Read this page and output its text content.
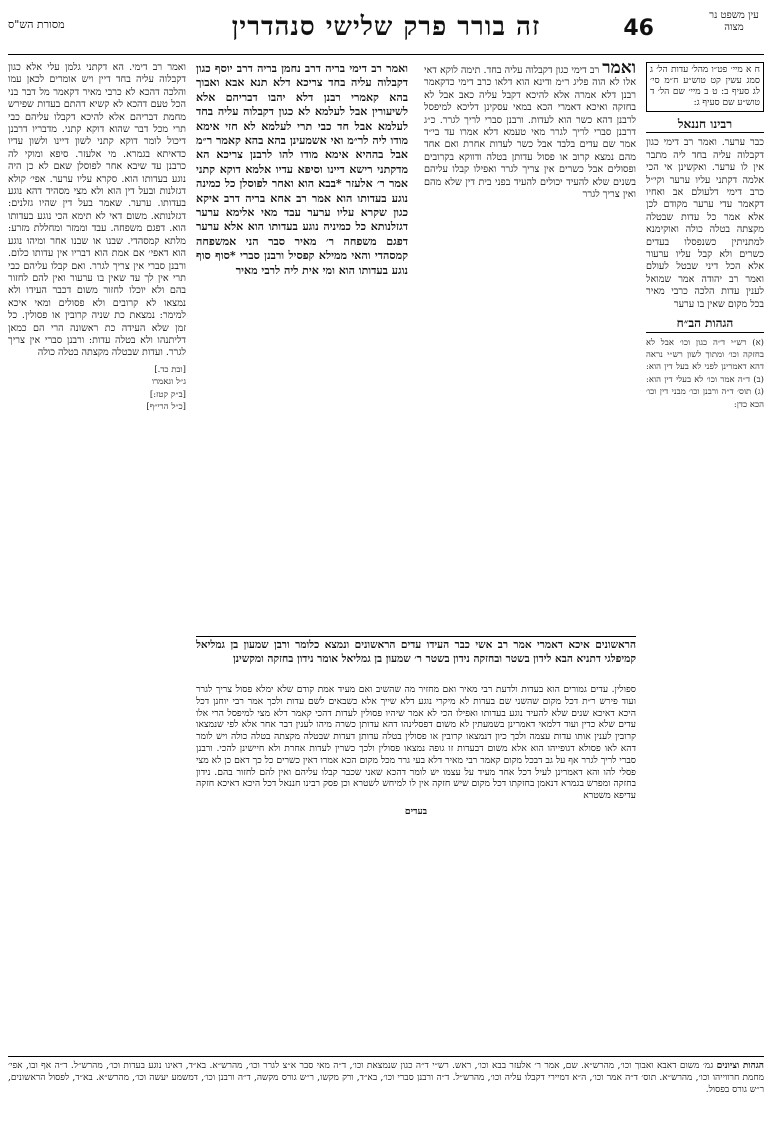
עין משפט נר מצוה
46
זה בורר פרק שלישי סנהדרין
מסורת הש"ס
ח א מיי׳ פט״ו מהל׳ עדות הל׳ ג סמג עשין קט טוש״ע ח״מ סי׳ לג סעיף ב: ט ב מיי׳ שם הל׳ ד טוש״ע שם סעיף ג:
רבינו חננאל

כבר ערער. ואמר רב דימי כגון דקבלוה עליה בחד ליה מתבר אין לו ערער. ואקשינן אי הכי אלמה דקתני עליו ערער וקי״ל כרב דימי דלעולם אב ואחיו דקאמר עדי ערער מקודם לכן אלא אמר כל עדות שבטלה מקצתה בטלה כולה ואוקימנא למתניתין כשנפסלו בעדים כשרים ולא קבל עליו ערעור אלא הכל דיני שבטל לעולם ואמר רב יהודה אמר שמואל לענין עדות הלכה כרבי מאיר בכל מקום שאין בו ערער

הגהות הב״ח

(א) רש״י ד״ה כגון וכו׳ אבל לא בחזקה וכו׳ ומתוך לשון רש״י נראה דהא דאמרינן לפני לא בעל דין הוא: (ב) ד״ה אמר וכו׳ לא בעלי דין הוא: (ג) תוס׳ ד״ה ורבנן וכו׳ מבני דין וכו׳ הכא כדן:

ואמר רב דימי כגון דקבלוה עליה בחד. תימה לוקא דאי אלו לא הוה פליג ר״מ ודינא הוא דלאו כרב דימי כדקאמר רבנן דלא אמרה אלא להיכא דקבל עליה כאב אבל לא בחזקה ואיכא דאמרי הכא במאי עסקינן דליכא למיפסל לרבנן דהא כשר הוא לעדות. ורבנן סברי לריך לגרר. כ״ג דרבנן סברי לריך לגרר מאי טעמא דלא אמרו עד בי״ד אמר שם עדים בלבד אבל כשר לעדות אחרת ואם אחד מהם נמצא קרוב או פסול עדותן בטלה ודווקא בקרובים ופסולים אבל כשרים אין צריך לגרר ואפילו קבלו עליהם בשנים שלא להעיד יכולים להעיד בפני בית דין שלא מהם ואין צריך לגרר
ואמר רב דימי בריה דרב נחמן בריה דרב יוסף כגון דקבלוה עליה בחד צריכא דלא תנא אבא ואבוך בהא קאמרי רבנן דלא יהבו דבריהם אלא לשיעורין אבל לעלמא לא כגון דקבלוה עליה בחד לעלמא אבל חד כבי תרי לעלמא לא חזי אימא מודו ליה לר״מ ואי אשמעינן בהא בהא קאמר ר״מ אבל בההיא אימא מודו להו לרבנן צריכא הא מדקתני רישא דיינו וסיפא עדיו אלמא דוקא קתני אמר ר׳ אלעזר *בבא הוא ואחר לפוסלן כל כמינה נוגע בעדותו הוא אמר רב אחא בריה דרב איקא כגון שקרא עליו ערער עבד מאי אלימא ערער דגזלנותא כל כמיניה נוגע בעדותו הוא אלא ערער דפגם משפחה ר׳ מאיר סבר הני אמשפחה קמסהדי והאי ממילא קפסיל ורבנן סברי *סוף סוף נוגע בעדותו הוא ומי אית ליה לרבי מאיר
הראשונים איכא דאמרי אמר רב אשי כבר העידו עדים הראשונים ונמצא כלומר ורבן שמעון בן גמליאל קמיפלגי דתניא הבא לידון בשטר ובחזקה נידון בשטר ר׳ שמעון בן גמליאל אומר נידון בחזקה ומקשינן

ואמר רב דימי. הא דקתני גלמן עלי אלא כגון דקבלוה עליה בחד דיין ויש אומרים לכאן עמו והלכה דהכא לא כרבי מאיר דקאמר מל דבר בני הכל טעם דהכא לא קשיא דהתם בעדות שפירש מחמת דבריהם אלא להיכא דקבלו עליהם כבי תרי מכל דבר שהוא דוקא קתני. מדבריו דרבנן דיכול לומר דוקא קתני לשון דיינו ולשון עדיו כדאיתא בגמרא. מי אלעזר. סיפא ומוקי לה כרבנן עד שיבא אחר לפוסלן שאם לא כן היה נוגע בעדותו הוא. סקרא עליו ערער. אפי׳ קולא דגזלנות ובעל דין הוא ולא מצי מסהיד דהא נוגע בעדותו. ערער. שאמר בעל דין שהיו גזלנים: דגזלנותא. משום דאי לא תימא הכי נוגע בעדותו הוא. דפגם משפחה. עבד וממזר ומחללת מזרע: מלתא קמסהדי. שבנו או שבנו אחר ומיהו נוגע הוא דאפי׳ אם אמת הוא דבריו אין עדותו כלום. ורבנן סברי אין צריך לגרר. ואם קבלו עליהם כבי תרי אין לך עד שאין בו ערעור ואין להם לחזור בהם ולא יוכלו לחזור משום דכבר העידו ולא נמצאו לא קרובים ולא פסולים ומאי איכא למימר: נמצאת כת שניה קרובין או פסולין. כל זמן שלא העידה כת ראשונה הרי הם כמאן דליתנהו ולא בטלה עדות: ורבנן סברי אין צריך לגרר. ועדות שבטלה מקצתה בטלה כולה

[ובת כד.]
ג״ל וגאמרו
[ב״ק קטז:]
[כ״ל הרי״ף]
ספולין. עדים גמורים הוא בעדות ולדעת רבי מאיר ואם מחזיר מה שהשיב ואם מעיד אמת קודם שלא ימלא פסול צריך לגרר ועוד פירש ר״ת דכל מקום שהשני שם בעדות לא מיקרי נוגע דלא שייך אלא כשבאים לשם עדות ולכך אמר רבי יוחנן דכל היכא דאיכא שנים שלא להעיד נוגע בעדותו ואפילו הכי לא אמר שיהיו פסולין לעדות דהכי קאמר דלא מצי למיפסל הרי אלו עדים שלא כדין ועוד דלמאי דאמרינן בשמעתין לא משום דפסלינהו דהא עדותן כשרה מיהו לענין דבר אחר אלא לפי שנמצאו קרובין לענין אותו עדות עצמה ולכך כיון דנמצאו קרובין או פסולין בטלה עדותן דעדות שבטלה מקצתה בטלה כולה ויש לומר דהא לאו פסולא דגופייהו הוא אלא משום דבעדות זו גופה נמצאו פסולין ולכך כשרין לעדות אחרת ולא חיישינן להכי. ורבנן סברי לריך לגרר אף על גב דבכל מקום קאמר רבי מאיר דלא בעי גרר מכל מקום הכא אמרו דאין כשרים כל כך דאם כן לא מצי פסלי להו והא דאמרינן לעיל דכל אחד מעיד על עצמו יש לומר דהכא שאני שכבר קבלו עליהם ואין להם לחזור בהם. נידון בחזקה ומפרש בגמרא דנאמן בחזקתו דכל מקום שיש חזקה אין לו למיחש לשטרא וכן פסק רבינו חננאל דכל היכא דאיכא חזקה עדיפא משטרא
בעדים
הגהות וציונים גמ׳ משום דאבא ואבוך וכו׳, מהרש״א. שם, אמר ר׳ אלעזר בבא וכו׳, ראש. רש״י ד״ה כגון שנמצאת וכו׳, ד״ה מאי סבר א״צ לגרר וכו׳, מהרש״א. בא״ד, דאינו נוגע בעדות וכו׳, מהרש״ל. ד״ה אף ובו, אפי׳ מחמת חרווייהו וכו׳, מהרש״א. תוס׳ ד״ה אמר וכו׳, ה״א דמיירי דקבלו עליה וכו׳, מהרש״ל. ד״ה ורבנן סברי וכו׳, בא״ד, ורק מקשו, ר״ש גורס מקשה, ד״ה ורבנן וכו׳, דמשמע יעשה וכו׳, מהרש״א. בא״ד, לפסול הראשונים, ר״ש גורס בפסול.
